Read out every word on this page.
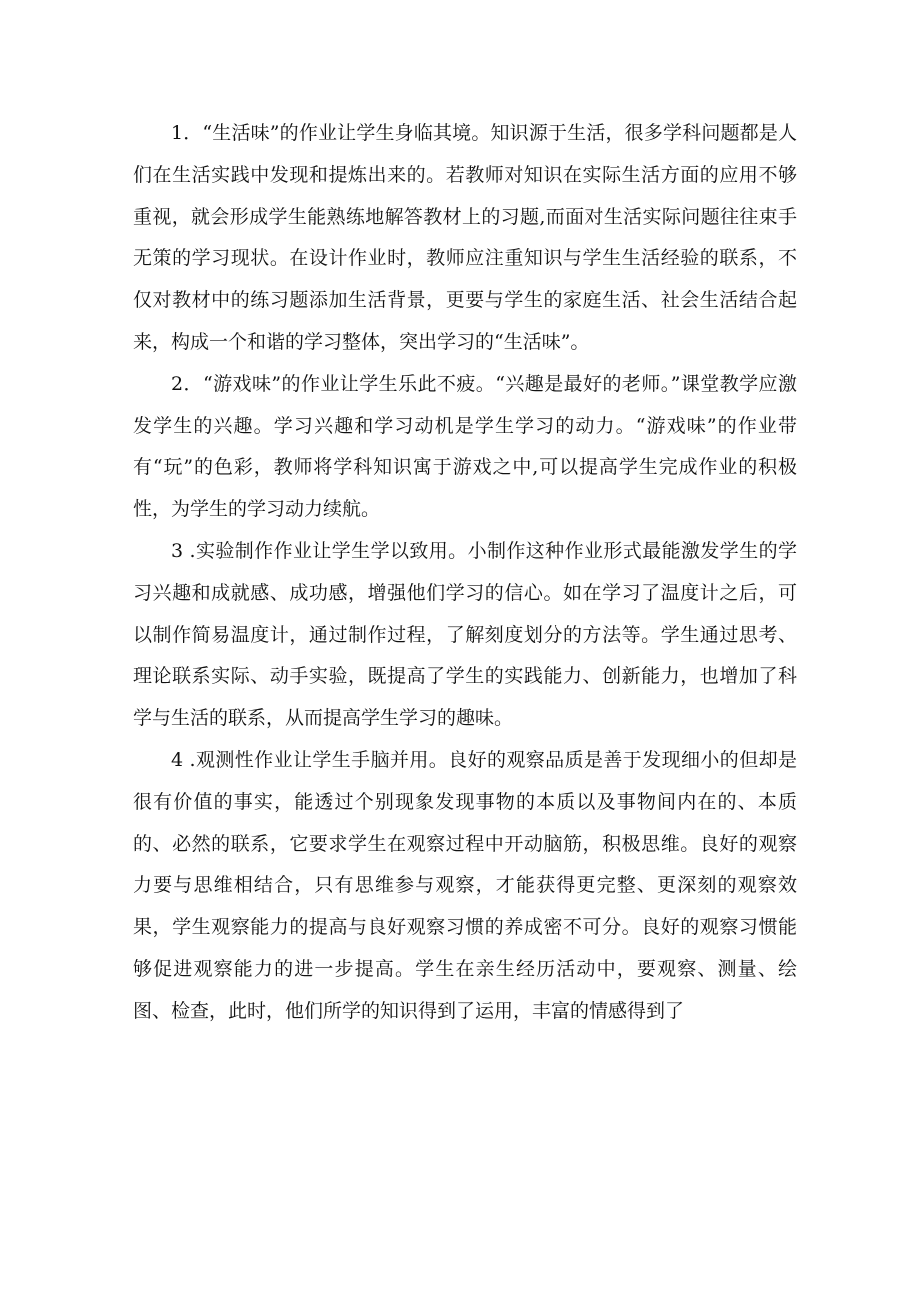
1．“生活味”的作业让学生身临其境。知识源于生活，很多学科问题都是人们在生活实践中发现和提炼出来的。若教师对知识在实际生活方面的应用不够重视，就会形成学生能熟练地解答教材上的习题,而面对生活实际问题往往束手无策的学习现状。在设计作业时，教师应注重知识与学生生活经验的联系，不仅对教材中的练习题添加生活背景，更要与学生的家庭生活、社会生活结合起来，构成一个和谐的学习整体，突出学习的“生活味”。

2．“游戏味”的作业让学生乐此不疲。“兴趣是最好的老师。”课堂教学应激发学生的兴趣。学习兴趣和学习动机是学生学习的动力。“游戏味”的作业带有“玩”的色彩，教师将学科知识寓于游戏之中,可以提高学生完成作业的积极性，为学生的学习动力续航。

3 .实验制作作业让学生学以致用。小制作这种作业形式最能激发学生的学习兴趣和成就感、成功感，增强他们学习的信心。如在学习了温度计之后，可以制作简易温度计，通过制作过程，了解刻度划分的方法等。学生通过思考、理论联系实际、动手实验，既提高了学生的实践能力、创新能力，也增加了科学与生活的联系，从而提高学生学习的趣味。

4 .观测性作业让学生手脑并用。良好的观察品质是善于发现细小的但却是很有价值的事实，能透过个别现象发现事物的本质以及事物间内在的、本质的、必然的联系，它要求学生在观察过程中开动脑筋，积极思维。良好的观察力要与思维相结合，只有思维参与观察，才能获得更完整、更深刻的观察效果，学生观察能力的提高与良好观察习惯的养成密不可分。良好的观察习惯能够促进观察能力的进一步提高。学生在亲生经历活动中，要观察、测量、绘图、检查，此时，他们所学的知识得到了运用，丰富的情感得到了
